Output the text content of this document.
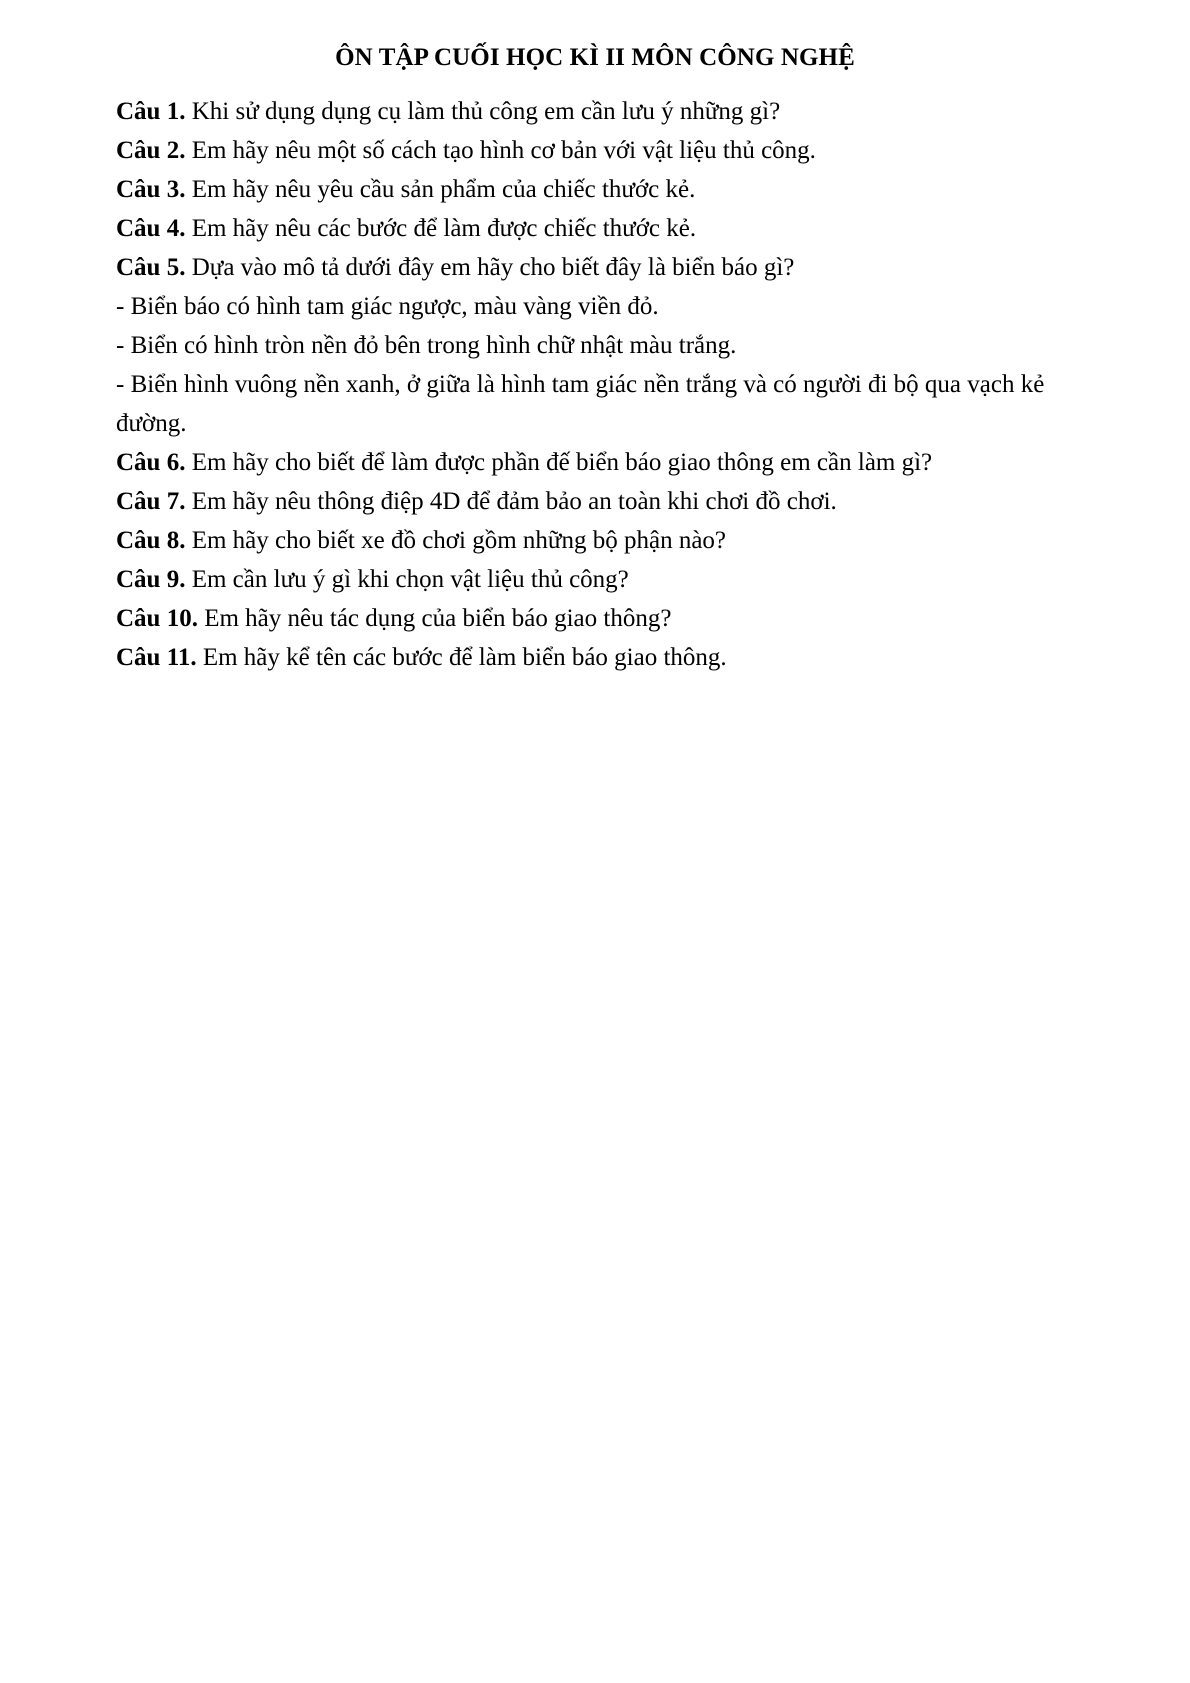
ÔN TẬP CUỐI HỌC KÌ II MÔN CÔNG NGHỆ

Câu 1. Khi sử dụng dụng cụ làm thủ công em cần lưu ý những gì?

Câu 2. Em hãy nêu một số cách tạo hình cơ bản với vật liệu thủ công.

Câu 3. Em hãy nêu yêu cầu sản phẩm của chiếc thước kẻ.

Câu 4. Em hãy nêu các bước để làm được chiếc thước kẻ.

Câu 5. Dựa vào mô tả dưới đây em hãy cho biết đây là biển báo gì?

- Biển báo có hình tam giác ngược, màu vàng viền đỏ.

- Biển có hình tròn nền đỏ bên trong hình chữ nhật màu trắng.

- Biển hình vuông nền xanh, ở giữa là hình tam giác nền trắng và có người đi bộ qua vạch kẻ đường.

Câu 6. Em hãy cho biết để làm được phần đế biển báo giao thông em cần làm gì?

Câu 7. Em hãy nêu thông điệp 4D để đảm bảo an toàn khi chơi đồ chơi.

Câu 8. Em hãy cho biết xe đồ chơi gồm những bộ phận nào?

Câu 9. Em cần lưu ý gì khi chọn vật liệu thủ công?

Câu 10. Em hãy nêu tác dụng của biển báo giao thông?

Câu 11. Em hãy kể tên các bước để làm biển báo giao thông.
